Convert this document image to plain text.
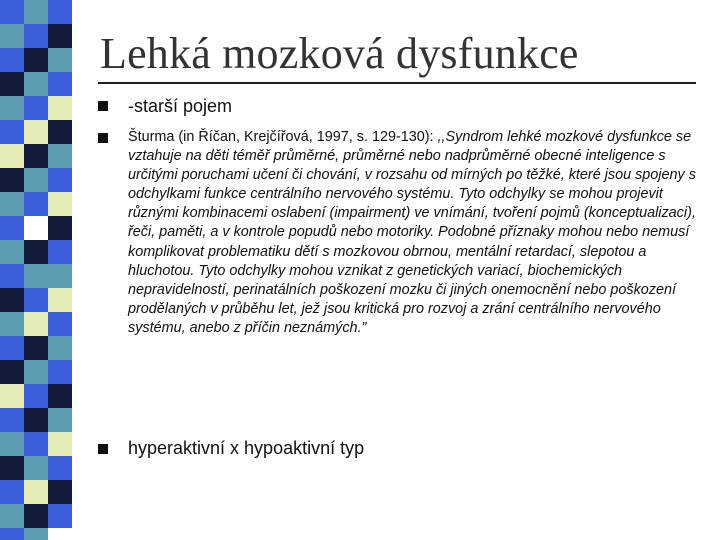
Lehká mozková dysfunkce
-starší pojem
Šturma (in Říčan, Krejčířová, 1997, s. 129-130): ,,Syndrom lehké mozkové dysfunkce se vztahuje na děti téměř průměrné, průměrné nebo nadprůměrné obecné inteligence s určitými poruchami učení či chování, v rozsahu od mírných po těžké, které jsou spojeny s odchylkami funkce centrálního nervového systému. Tyto odchylky se mohou projevit různými kombinacemi oslabení (impairment) ve vnímání, tvoření pojmů (konceptualizaci), řeči, paměti, a v kontrole popudů nebo motoriky. Podobné příznaky mohou nebo nemusí komplikovat problematiku dětí s mozkovou obrnou, mentální retardací, slepotou a hluchotou. Tyto odchylky mohou vznikat z genetických variací, biochemických nepravidelností, perinatálních poškození mozku či jiných onemocnění nebo poškození prodělaných v průběhu let, jež jsou kritická pro rozvoj a zrání centrálního nervového systému, anebo z příčin neznámých.”
hyperaktivní x hypoaktivní typ
